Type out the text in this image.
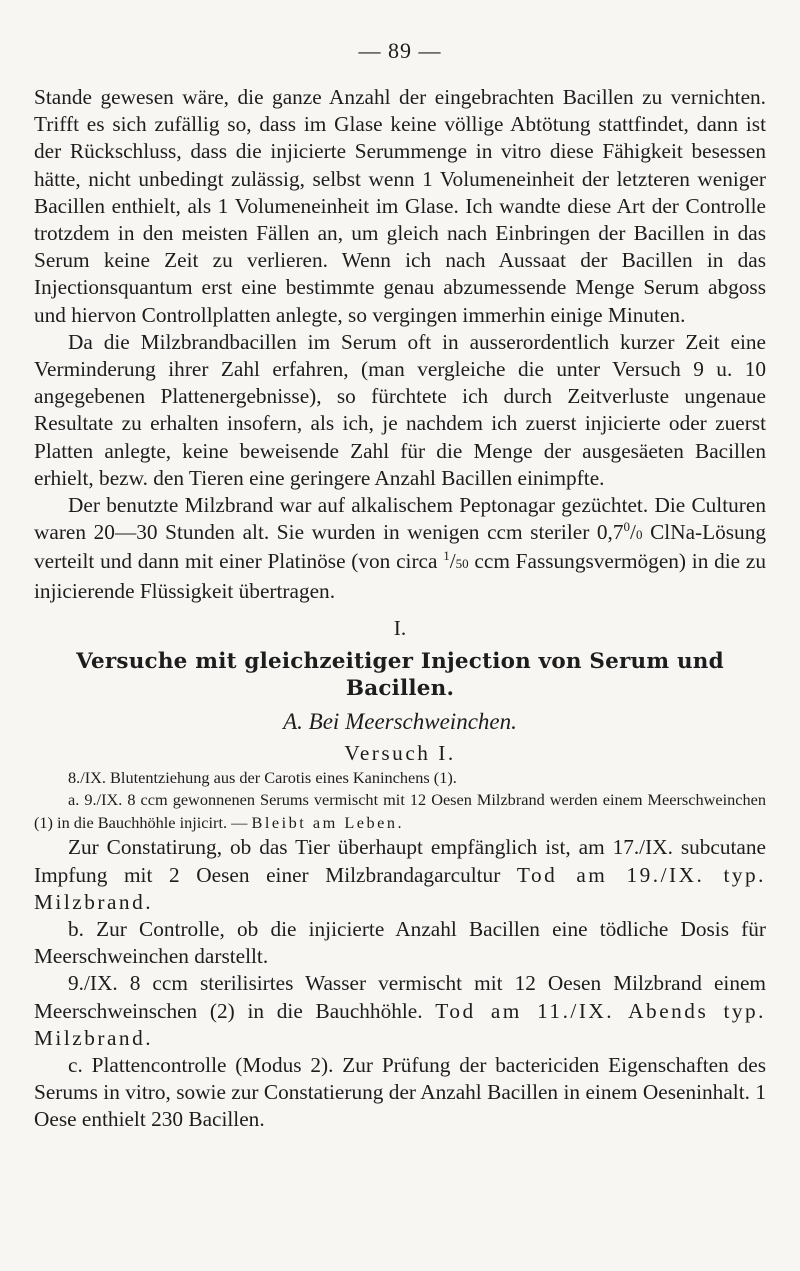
— 89 —

Stande gewesen wäre, die ganze Anzahl der eingebrachten Bacillen zu vernichten. Trifft es sich zufällig so, dass im Glase keine völlige Abtötung stattfindet, dann ist der Rückschluss, dass die injicierte Serummenge in vitro diese Fähigkeit besessen hätte, nicht unbedingt zulässig, selbst wenn 1 Volumeneinheit der letzteren weniger Bacillen enthielt, als 1 Volumeneinheit im Glase. Ich wandte diese Art der Controlle trotzdem in den meisten Fällen an, um gleich nach Einbringen der Bacillen in das Serum keine Zeit zu verlieren. Wenn ich nach Aussaat der Bacillen in das Injectionsquantum erst eine bestimmte genau abzumessende Menge Serum abgoss und hiervon Controllplatten anlegte, so vergingen immerhin einige Minuten.

Da die Milzbrandbacillen im Serum oft in ausserordentlich kurzer Zeit eine Verminderung ihrer Zahl erfahren, (man vergleiche die unter Versuch 9 u. 10 angegebenen Plattenergebnisse), so fürchtete ich durch Zeitverluste ungenaue Resultate zu erhalten insofern, als ich, je nachdem ich zuerst injicierte oder zuerst Platten anlegte, keine beweisende Zahl für die Menge der ausgesäeten Bacillen erhielt, bezw. den Tieren eine geringere Anzahl Bacillen einimpfte.

Der benutzte Milzbrand war auf alkalischem Peptonagar gezüchtet. Die Culturen waren 20—30 Stunden alt. Sie wurden in wenigen ccm steriler $0,7^0/0$ ClNa-Lösung verteilt und dann mit einer Platinöse (von circa $^1$/50 ccm Fassungsvermögen) in die zu injicierende Flüssigkeit übertragen.

I.
Versuche mit gleichzeitiger Injection von Serum und Bacillen.
A. Bei Meerschweinchen.
Versuch I.

8./IX. Blutentziehung aus der Carotis eines Kaninchens (1).

a. 9./IX. 8 ccm gewonnenen Serums vermischt mit 12 Oesen Milzbrand werden einem Meerschweinchen (1) in die Bauchhöhle injicirt. — Bleibt am Leben.

Zur Constatirung, ob das Tier überhaupt empfänglich ist, am 17./IX. subcutane Impfung mit 2 Oesen einer Milzbrandagarcultur Tod am 19./IX. typ. Milzbrand.

b. Zur Controlle, ob die injicierte Anzahl Bacillen eine tödliche Dosis für Meerschweinchen darstellt.

9./IX. 8 ccm sterilisirtes Wasser vermischt mit 12 Oesen Milzbrand einem Meerschweinschen (2) in die Bauchhöhle. Tod am 11./IX. Abends typ. Milzbrand.

c. Plattencontrolle (Modus 2). Zur Prüfung der bactericiden Eigenschaften des Serums in vitro, sowie zur Constatierung der Anzahl Bacillen in einem Oeseninhalt. 1 Oese enthielt 230 Bacillen.
